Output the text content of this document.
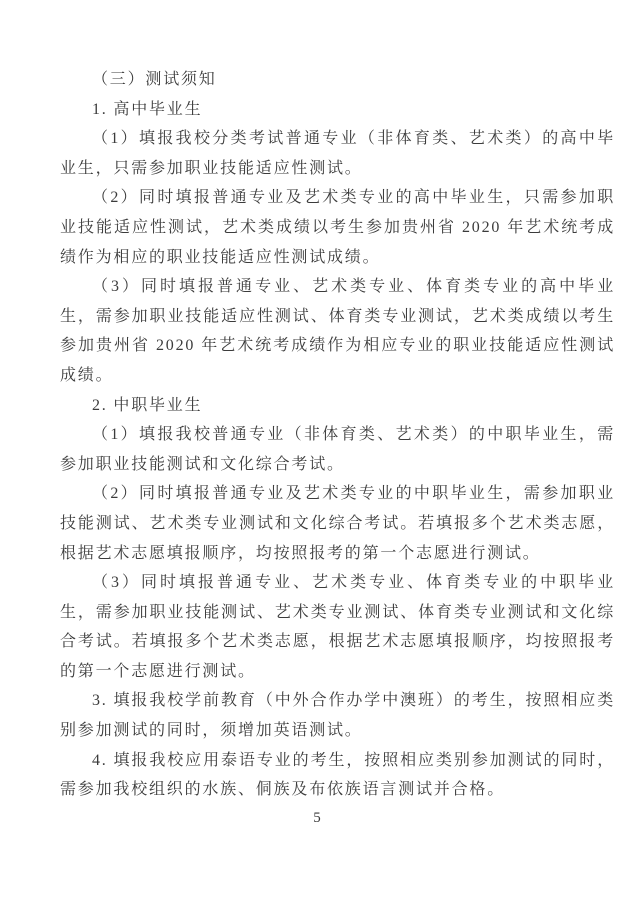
（三）测试须知

1. 高中毕业生

（1）填报我校分类考试普通专业（非体育类、艺术类）的高中毕业生，只需参加职业技能适应性测试。

（2）同时填报普通专业及艺术类专业的高中毕业生，只需参加职业技能适应性测试，艺术类成绩以考生参加贵州省 2020 年艺术统考成绩作为相应的职业技能适应性测试成绩。

（3）同时填报普通专业、艺术类专业、体育类专业的高中毕业生，需参加职业技能适应性测试、体育类专业测试，艺术类成绩以考生参加贵州省 2020 年艺术统考成绩作为相应专业的职业技能适应性测试成绩。

2. 中职毕业生

（1）填报我校普通专业（非体育类、艺术类）的中职毕业生，需参加职业技能测试和文化综合考试。

（2）同时填报普通专业及艺术类专业的中职毕业生，需参加职业技能测试、艺术类专业测试和文化综合考试。若填报多个艺术类志愿，根据艺术志愿填报顺序，均按照报考的第一个志愿进行测试。

（3）同时填报普通专业、艺术类专业、体育类专业的中职毕业生，需参加职业技能测试、艺术类专业测试、体育类专业测试和文化综合考试。若填报多个艺术类志愿，根据艺术志愿填报顺序，均按照报考的第一个志愿进行测试。

3. 填报我校学前教育（中外合作办学中澳班）的考生，按照相应类别参加测试的同时，须增加英语测试。

4. 填报我校应用泰语专业的考生，按照相应类别参加测试的同时，需参加我校组织的水族、侗族及布依族语言测试并合格。

5
